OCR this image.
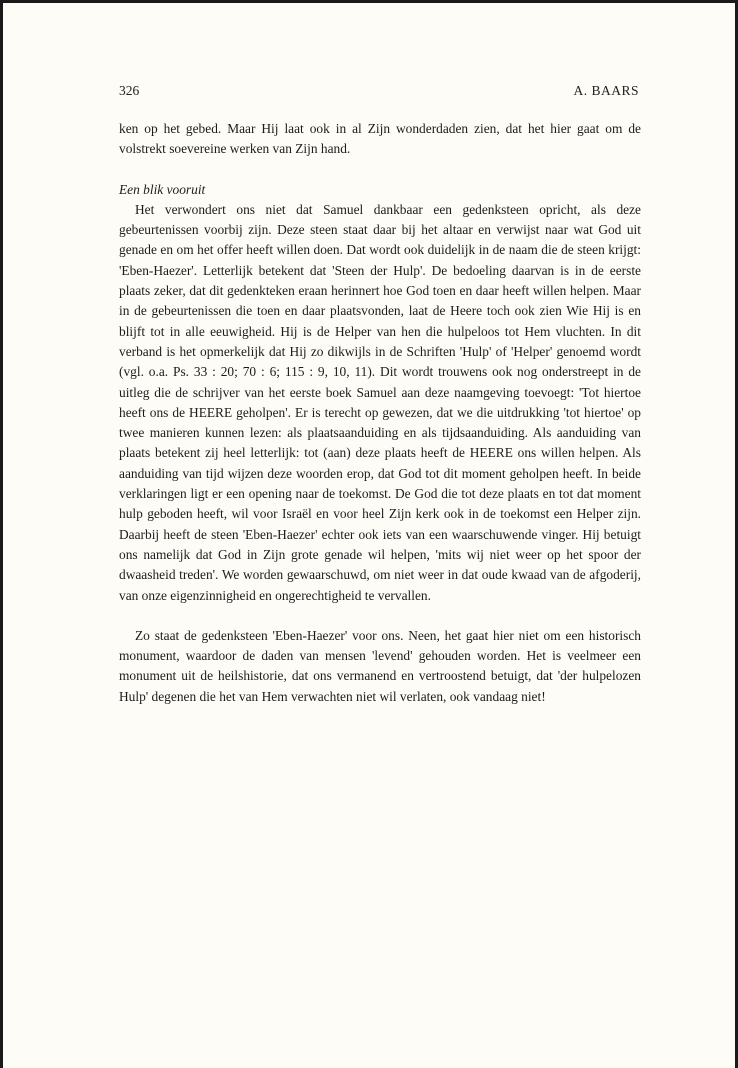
326	A. BAARS

ken op het gebed. Maar Hij laat ook in al Zijn wonderdaden zien, dat het hier gaat om de volstrekt soevereine werken van Zijn hand.

Een blik vooruit

Het verwondert ons niet dat Samuel dankbaar een gedenksteen opricht, als deze gebeurtenissen voorbij zijn. Deze steen staat daar bij het altaar en verwijst naar wat God uit genade en om het offer heeft willen doen. Dat wordt ook duidelijk in de naam die de steen krijgt: 'Eben-Haezer'. Letterlijk betekent dat 'Steen der Hulp'. De bedoeling daarvan is in de eerste plaats zeker, dat dit gedenkteken eraan herinnert hoe God toen en daar heeft willen helpen. Maar in de gebeurtenissen die toen en daar plaatsvonden, laat de Heere toch ook zien Wie Hij is en blijft tot in alle eeuwigheid. Hij is de Helper van hen die hulpeloos tot Hem vluchten. In dit verband is het opmerkelijk dat Hij zo dikwijls in de Schriften 'Hulp' of 'Helper' genoemd wordt (vgl. o.a. Ps. 33 : 20; 70 : 6; 115 : 9, 10, 11). Dit wordt trouwens ook nog onderstreept in de uitleg die de schrijver van het eerste boek Samuel aan deze naamgeving toevoegt: 'Tot hiertoe heeft ons de HEERE geholpen'. Er is terecht op gewezen, dat we die uitdrukking 'tot hiertoe' op twee manieren kunnen lezen: als plaatsaanduiding en als tijdsaanduiding. Als aanduiding van plaats betekent zij heel letterlijk: tot (aan) deze plaats heeft de HEERE ons willen helpen. Als aanduiding van tijd wijzen deze woorden erop, dat God tot dit moment geholpen heeft. In beide verklaringen ligt er een opening naar de toekomst. De God die tot deze plaats en tot dat moment hulp geboden heeft, wil voor Israël en voor heel Zijn kerk ook in de toekomst een Helper zijn. Daarbij heeft de steen 'Eben-Haezer' echter ook iets van een waarschuwende vinger. Hij betuigt ons namelijk dat God in Zijn grote genade wil helpen, 'mits wij niet weer op het spoor der dwaasheid treden'. We worden gewaarschuwd, om niet weer in dat oude kwaad van de afgoderij, van onze eigenzinnigheid en ongerechtigheid te vervallen.

Zo staat de gedenksteen 'Eben-Haezer' voor ons. Neen, het gaat hier niet om een historisch monument, waardoor de daden van mensen 'levend' gehouden worden. Het is veelmeer een monument uit de heilshistorie, dat ons vermanend en vertroostend betuigt, dat 'der hulpelozen Hulp' degenen die het van Hem verwachten niet wil verlaten, ook vandaag niet!
